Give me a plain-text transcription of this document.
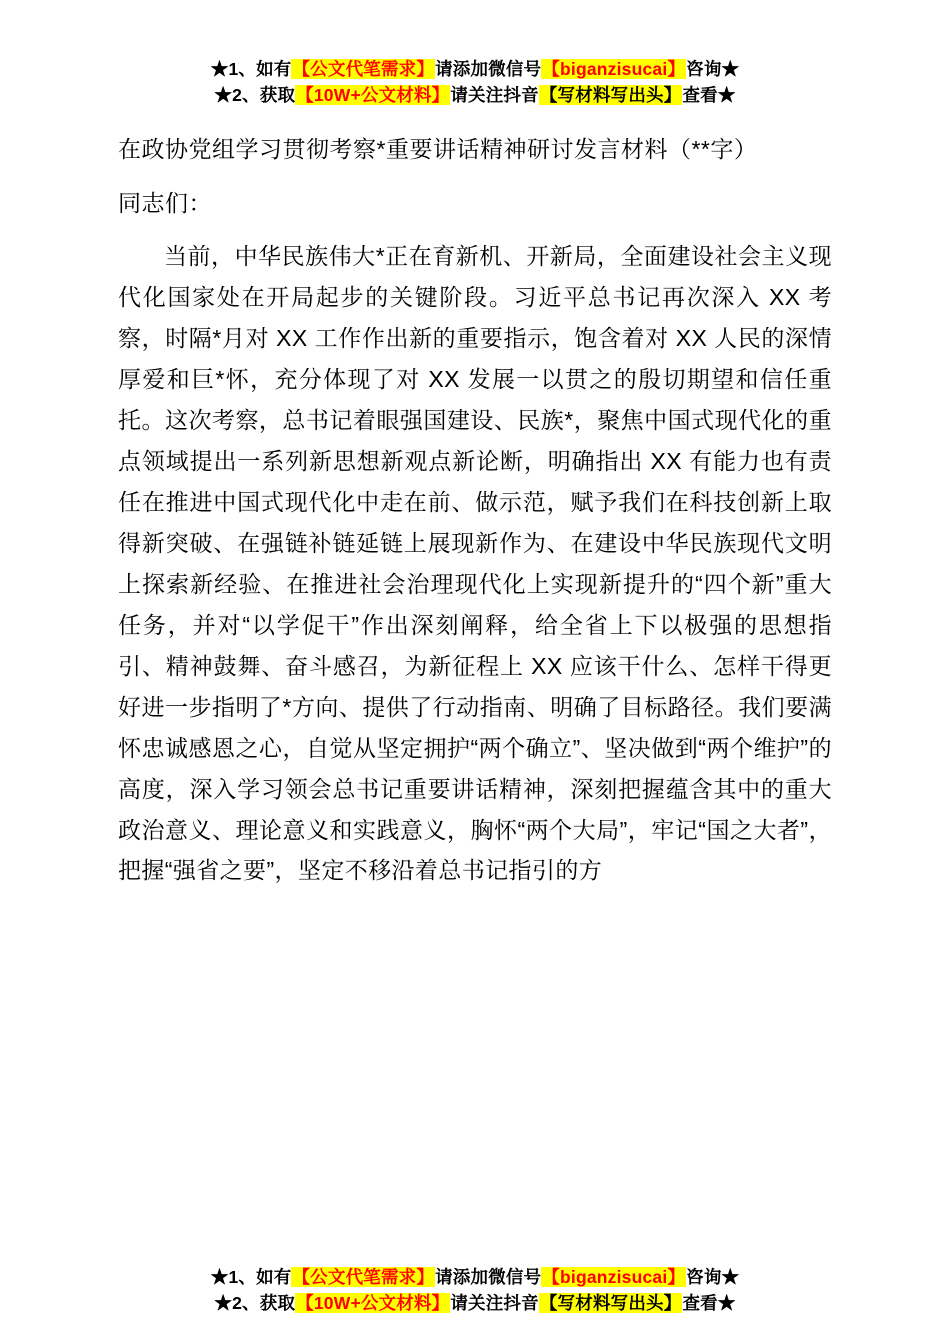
★1、如有【公文代笔需求】请添加微信号【biganzisucai】咨询★
★2、获取【10W+公文材料】请关注抖音【写材料写出头】查看★
在政协党组学习贯彻考察*重要讲话精神研讨发言材料（**字）
同志们：
当前，中华民族伟大*正在育新机、开新局，全面建设社会主义现代化国家处在开局起步的关键阶段。习近平总书记再次深入 XX 考察，时隔*月对 XX 工作作出新的重要指示，饱含着对 XX 人民的深情厚爱和巨*怀，充分体现了对 XX 发展一以贯之的殷切期望和信任重托。这次考察，总书记着眼强国建设、民族*，聚焦中国式现代化的重点领域提出一系列新思想新观点新论断，明确指出 XX 有能力也有责任在推进中国式现代化中走在前、做示范，赋予我们在科技创新上取得新突破、在强链补链延链上展现新作为、在建设中华民族现代文明上探索新经验、在推进社会治理现代化上实现新提升的“四个新”重大任务，并对“以学促干”作出深刻阐释，给全省上下以极强的思想指引、精神鼓舞、奋斗感召，为新征程上 XX 应该干什么、怎样干得更好进一步指明了*方向、提供了行动指南、明确了目标路径。我们要满怀忠诚感恩之心，自觉从坚定拥护“两个确立”、坚决做到“两个维护”的高度，深入学习领会总书记重要讲话精神，深刻把握蕴含其中的重大政治意义、理论意义和实践意义，胸怀“两个大局”，牢记“国之大者”，把握“强省之要”，坚定不移沿着总书记指引的方
★1、如有【公文代笔需求】请添加微信号【biganzisucai】咨询★
★2、获取【10W+公文材料】请关注抖音【写材料写出头】查看★
